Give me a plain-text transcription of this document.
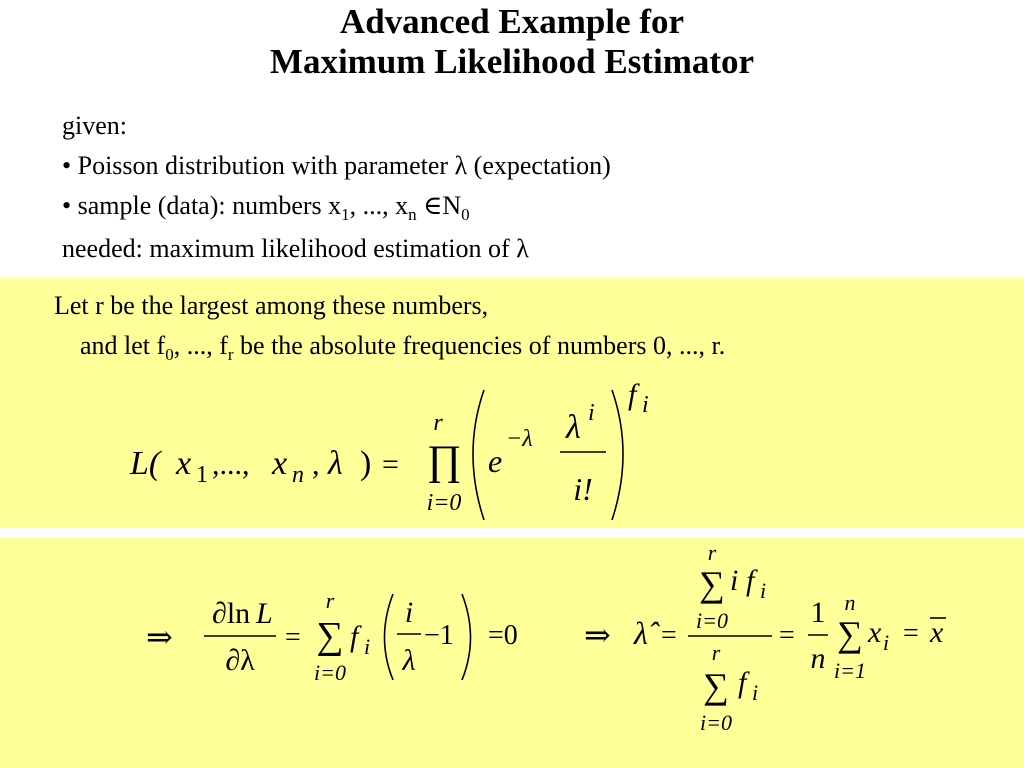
Advanced Example for
Maximum Likelihood Estimator
given:
• Poisson distribution with parameter λ (expectation)
• sample (data): numbers $x_1$, ..., $x_n$ $\in N_0$
needed: maximum likelihood estimation of λ
Let r be the largest among these numbers,
and let $f_0$, ..., $f_r$ be the absolute frequencies of numbers 0, ..., r.
L( x 1 ,..., x n , λ ) =
r
∏
i=0
e
−λ λ i
i!
f i
⇒
∂ln L
∂λ
=
r
∑
i=0
f i
i
λ
−1 =0 ⇒ λ̂ =
r
∑
i=0
i f i
r
∑
i=0
f i
=
1
n
n
∑
i=1
x i = x
